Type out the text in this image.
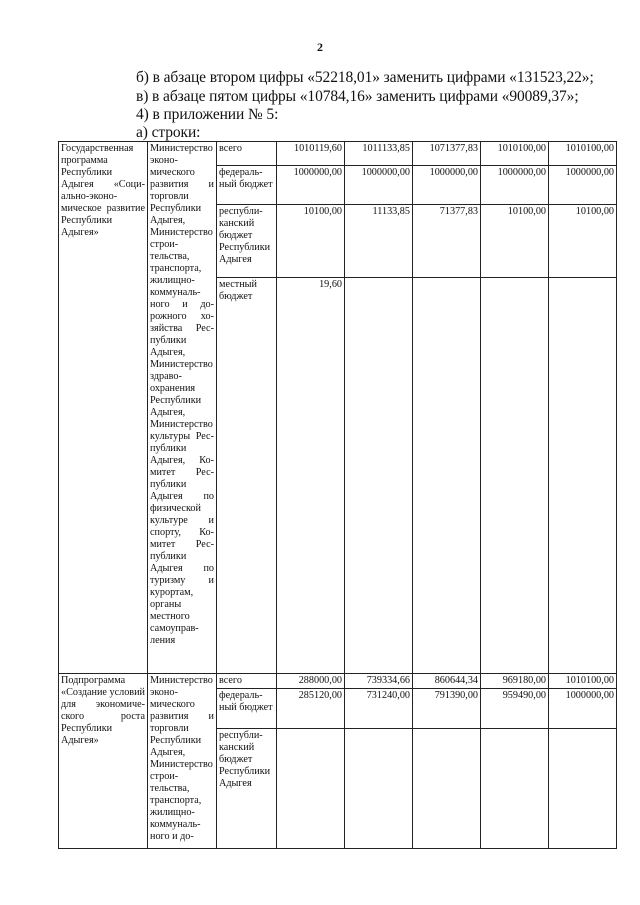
2
б) в абзаце втором цифры «52218,01» заменить цифрами «131523,22»;
в) в абзаце пятом цифры «10784,16» заменить цифрами «90089,37»;
4) в приложении № 5:
а) строки:
Государственная программа Республики Адыгея «Социально-экономическое развитие Республики Адыгея»	Министерство экономического развития и торговли Республики Адыгея, Министерство строительства, транспорта, жилищно-коммунального и дорожного хозяйства Республики Адыгея, Министерство здравоохранения Республики Адыгея, Министерство культуры Республики Адыгея, Комитет Республики Адыгея по физической культуре и спорту, Комитет Республики Адыгея по туризму и курортам, органы местного самоуправления	всего	1010119,60	1011133,85	1071377,83	1010100,00	1010100,00
		федеральный бюджет	1000000,00	1000000,00	1000000,00	1000000,00	1000000,00
		республиканский бюджет Республики Адыгея	10100,00	11133,85	71377,83	10100,00	10100,00
		местный бюджет	19,60				
Подпрограмма «Создание условий для экономического роста Республики Адыгея»	Министерство экономического развития и торговли Республики Адыгея, Министерство строительства, транспорта, жилищно-коммунального и до-	всего	288000,00	739334,66	860644,34	969180,00	1010100,00
		федеральный бюджет	285120,00	731240,00	791390,00	959490,00	1000000,00
		республиканский бюджет Республики Адыгея					
